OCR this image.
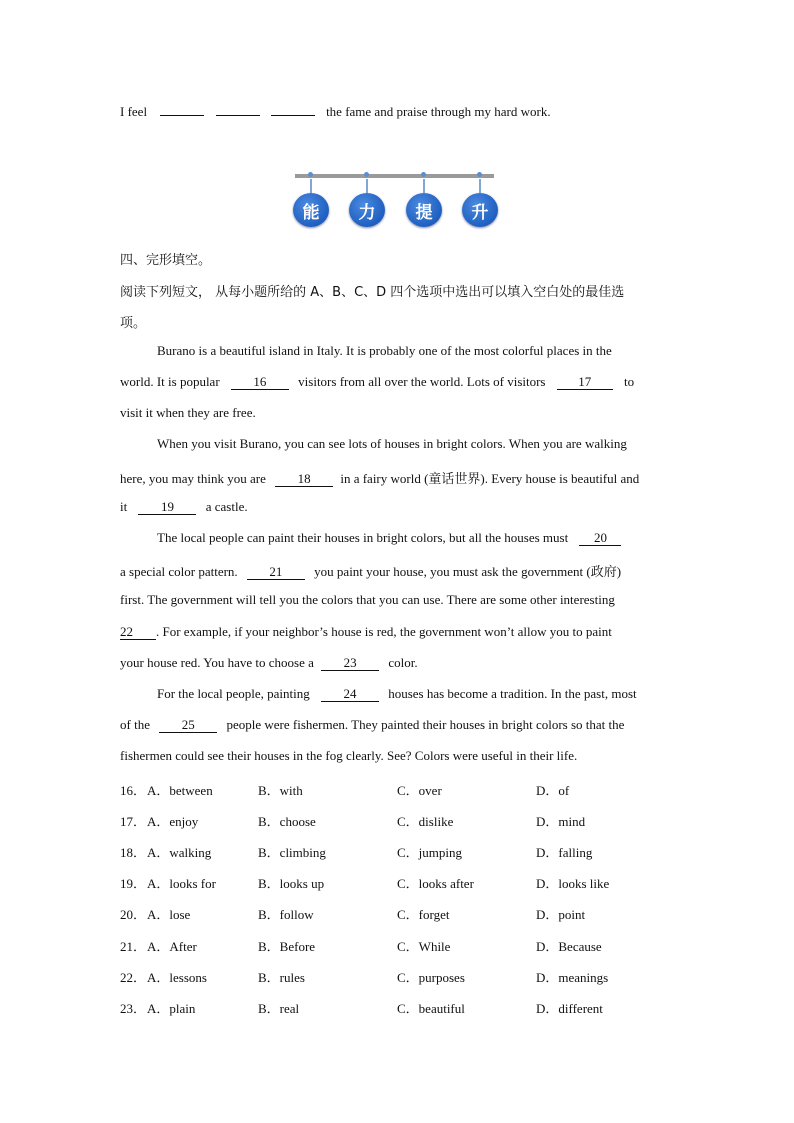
I feel	the fame and praise through my hard work.
能	力	提	升
四、完形填空。
阅读下列短文， 从每小题所给的 A、B、C、D 四个选项中选出可以填入空白处的最佳选
项。
Burano is a beautiful island in Italy. It is probably one of the most colorful places in the
world. It is popular	16 visitors from all over the world. Lots of visitors	17	to
visit it when they are free.
When you visit Burano, you can see lots of houses in bright colors. When you are walking
here, you may think you are 18 in a fairy world (童话世界). Every house is beautiful and
it	19 a castle.
The local people can paint their houses in bright colors, but all the houses must 20
a special color pattern. 21 you paint your house, you must ask the government (政府)
first. The government will tell you the colors that you can use. There are some other interesting
22 . For example, if your neighbor’s house is red, the government won’t allow you to paint
your house red. You have to choose a 23 color.
For the local people, painting	24 houses has become a tradition. In the past, most
of the 25 people were fishermen. They painted their houses in bright colors so that the
fishermen could see their houses in the fog clearly. See? Colors were useful in their life.
16． A．between	B．with	C．over	D．of
17． A．enjoy	B．choose	C．dislike	D．mind
18． A．walking	B．climbing	C．jumping	D．falling
19． A．looks for	B．looks up	C．looks after	D．looks like
20． A．lose	B．follow	C．forget	D．point
21． A．After	B．Before	C．While	D．Because
22． A．lessons	B．rules	C．purposes	D．meanings
23． A．plain	B．real	C．beautiful	D．different
